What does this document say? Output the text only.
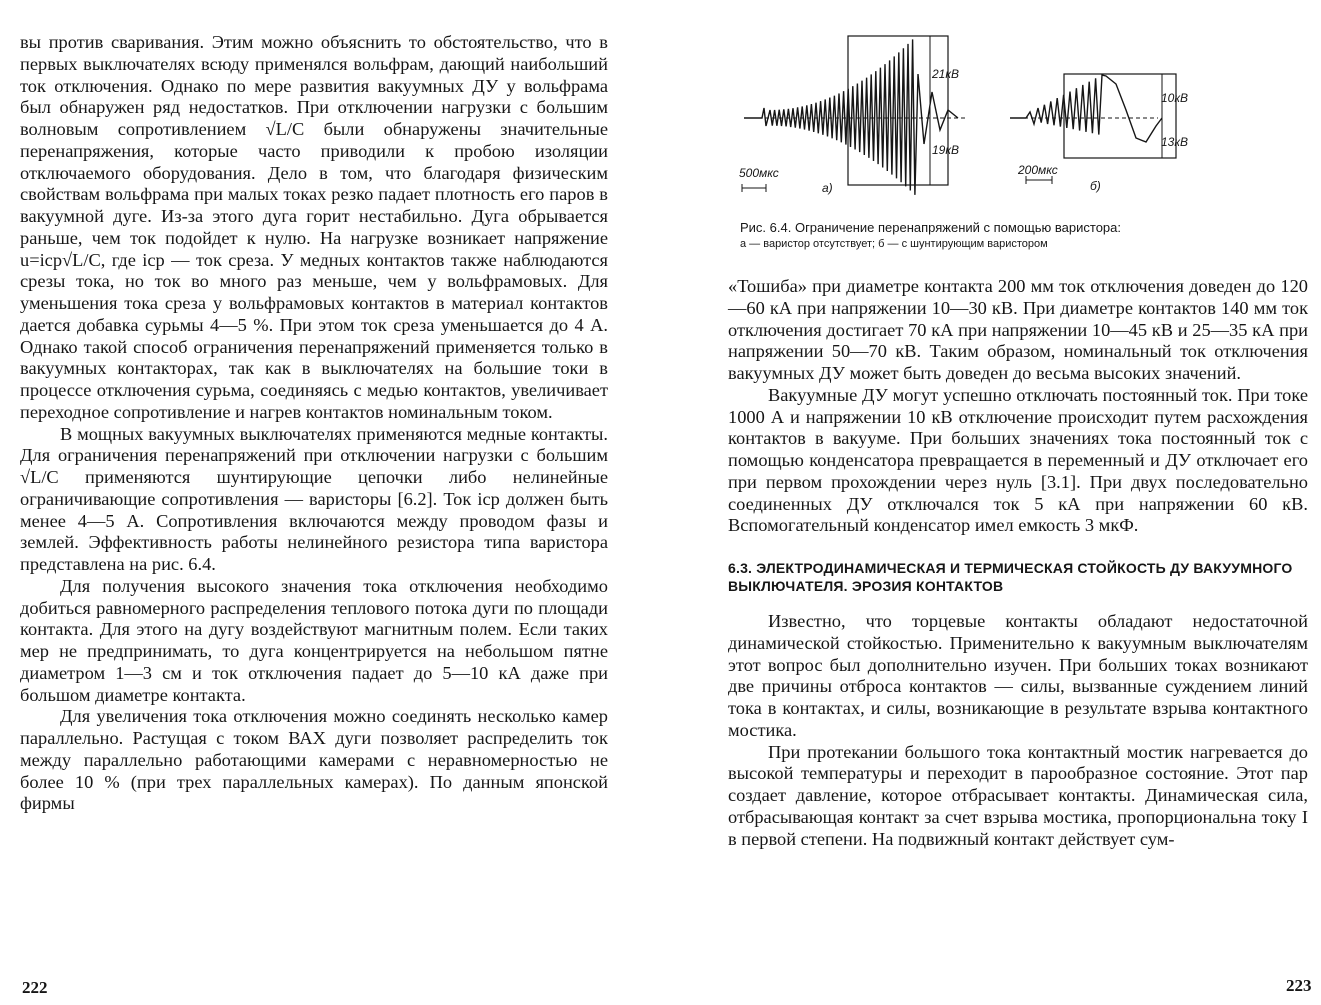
вы против сваривания. Этим можно объяснить то обстоятельство, что в первых выключателях всюду применялся вольфрам, дающий наибольший ток отключения. Однако по мере развития вакуумных ДУ у вольфрама был обнаружен ряд недостатков. При отключении нагрузки с большим волновым сопротивлением √L/C были обнаружены значительные перенапряжения, которые часто приводили к пробою изоляции отключаемого оборудования. Дело в том, что благодаря физическим свойствам вольфрама при малых токах резко падает плотность его паров в вакуумной дуге. Из-за этого дуга горит нестабильно. Дуга обрывается раньше, чем ток подойдет к нулю. На нагрузке возникает напряжение u=iср√L/C, где iср — ток среза. У медных контактов также наблюдаются срезы тока, но ток во много раз меньше, чем у вольфрамовых. Для уменьшения тока среза у вольфрамовых контактов в материал контактов дается добавка сурьмы 4—5 %. При этом ток среза уменьшается до 4 А. Однако такой способ ограничения перенапряжений применяется только в вакуумных контакторах, так как в выключателях на большие токи в процессе отключения сурьма, соединяясь с медью контактов, увеличивает переходное сопротивление и нагрев контактов номинальным током.

В мощных вакуумных выключателях применяются медные контакты. Для ограничения перенапряжений при отключении нагрузки с большим √L/C применяются шунтирующие цепочки либо нелинейные ограничивающие сопротивления — варисторы [6.2]. Ток iср должен быть менее 4—5 А. Сопротивления включаются между проводом фазы и землей. Эффективность работы нелинейного резистора типа варистора представлена на рис. 6.4.

Для получения высокого значения тока отключения необходимо добиться равномерного распределения теплового потока дуги по площади контакта. Для этого на дугу воздействуют магнитным полем. Если таких мер не предпринимать, то дуга концентрируется на небольшом пятне диаметром 1—3 см и ток отключения падает до 5—10 кА даже при большом диаметре контакта.

Для увеличения тока отключения можно соединять несколько камер параллельно. Растущая с током ВАХ дуги позволяет распределить ток между параллельно работающими камерами с неравномерностью не более 10 % (при трех параллельных камерах). По данным японской фирмы

222
21кВ
19кВ
500мкс
а)
10кВ
13кВ
200мкс
б)
Рис. 6.4. Ограничение перенапряжений с помощью варистора:
а — варистор отсутствует; б — с шунтирующим варистором

«Тошиба» при диаметре контакта 200 мм ток отключения доведен до 120—60 кА при напряжении 10—30 кВ. При диаметре контактов 140 мм ток отключения достигает 70 кА при напряжении 10—45 кВ и 25—35 кА при напряжении 50—70 кВ. Таким образом, номинальный ток отключения вакуумных ДУ может быть доведен до весьма высоких значений.

Вакуумные ДУ могут успешно отключать постоянный ток. При токе 1000 А и напряжении 10 кВ отключение происходит путем расхождения контактов в вакууме. При больших значениях тока постоянный ток с помощью конденсатора превращается в переменный и ДУ отключает его при первом прохождении через нуль [3.1]. При двух последовательно соединенных ДУ отключался ток 5 кА при напряжении 60 кВ. Вспомогательный конденсатор имел емкость 3 мкФ.

6.3. ЭЛЕКТРОДИНАМИЧЕСКАЯ И ТЕРМИЧЕСКАЯ СТОЙКОСТЬ ДУ ВАКУУМНОГО ВЫКЛЮЧАТЕЛЯ. ЭРОЗИЯ КОНТАКТОВ

Известно, что торцевые контакты обладают недостаточной динамической стойкостью. Применительно к вакуумным выключателям этот вопрос был дополнительно изучен. При больших токах возникают две причины отброса контактов — силы, вызванные суждением линий тока в контактах, и силы, возникающие в результате взрыва контактного мостика.

При протекании большого тока контактный мостик нагревается до высокой температуры и переходит в парообразное состояние. Этот пар создает давление, которое отбрасывает контакты. Динамическая сила, отбрасывающая контакт за счет взрыва мостика, пропорциональна току I в первой степени. На подвижный контакт действует сум-

223
